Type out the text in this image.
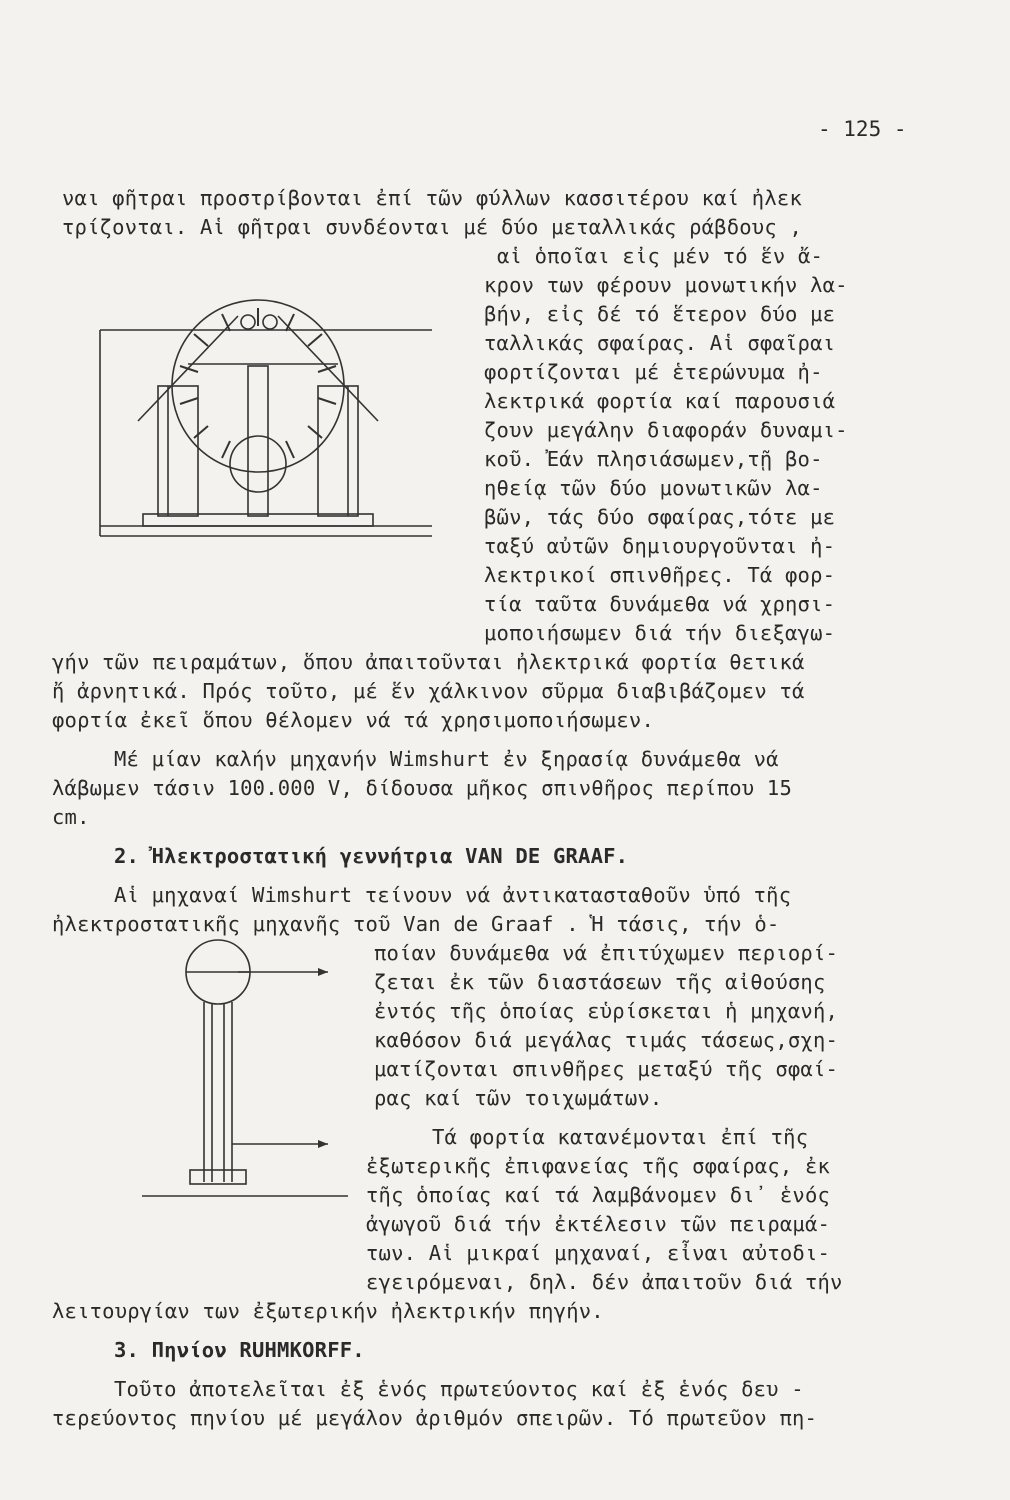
- 125 -
ναι φῆτραι προστρίβονται ἐπί τῶν φύλλων κασσιτέρου καί ἠλεκ
τρίζονται. Αἱ φῆτραι συνδέονται μέ δύο μεταλλικάς ράβδους ,
αἱ ὁποῖαι εἰς μέν τό ἕν ἄ-
κρον των φέρουν μονωτικήν λα-
βήν, εἰς δέ τό ἕτερον δύο με
ταλλικάς σφαίρας. Αἱ σφαῖραι
φορτίζονται μέ ἑτερώνυμα ἠ-
λεκτρικά φορτία καί παρουσιά
ζουν μεγάλην διαφοράν δυναμι-
κοῦ. Ἐάν πλησιάσωμεν,τῇ βο-
ηθείᾳ τῶν δύο μονωτικῶν λα-
βῶν, τάς δύο σφαίρας,τότε με
ταξύ αὐτῶν δημιουργοῦνται ἠ-
λεκτρικοί σπινθῆρες. Τά φορ-
τία ταῦτα δυνάμεθα νά χρησι-
μοποιήσωμεν διά τήν διεξαγω-
γήν τῶν πειραμάτων, ὅπου ἀπαιτοῦνται ἠλεκτρικά φορτία θετικά
ἤ ἀρνητικά. Πρός τοῦτο, μέ ἕν χάλκινον σῦρμα διαβιβάζομεν τά
φορτία ἐκεῖ ὅπου θέλομεν νά τά χρησιμοποιήσωμεν.
Μέ μίαν καλήν μηχανήν Wimshurt ἐν ξηρασίᾳ δυνάμεθα νά
λάβωμεν τάσιν 100.000 V, δίδουσα μῆκος σπινθῆρος περίπου 15
cm.
2. Ἠλεκτροστατική γεννήτρια VAN DE GRAAF.
Αἱ μηχαναί Wimshurt τείνουν νά ἀντικατασταθοῦν ὑπό τῆς
ἠλεκτροστατικῆς μηχανῆς τοῦ Van de Graaf . Ἡ τάσις, τήν ὁ-
ποίαν δυνάμεθα νά ἐπιτύχωμεν περιορί-
ζεται ἐκ τῶν διαστάσεων τῆς αἰθούσης
ἐντός τῆς ὁποίας εὑρίσκεται ἡ μηχανή,
καθόσον διά μεγάλας τιμάς τάσεως,σχη-
ματίζονται σπινθῆρες μεταξύ τῆς σφαί-
ρας καί τῶν τοιχωμάτων.
Τά φορτία κατανέμονται ἐπί τῆς
ἐξωτερικῆς ἐπιφανείας τῆς σφαίρας, ἐκ
τῆς ὁποίας καί τά λαμβάνομεν δι᾽ ἑνός
ἀγωγοῦ διά τήν ἐκτέλεσιν τῶν πειραμά-
των. Αἱ μικραί μηχαναί, εἶναι αὐτοδι-
εγειρόμεναι, δηλ. δέν ἀπαιτοῦν διά τήν
λειτουργίαν των ἐξωτερικήν ἠλεκτρικήν πηγήν.
3. Πηνίον RUHMKORFF.
Τοῦτο ἀποτελεῖται ἐξ ἑνός πρωτεύοντος καί ἐξ ἑνός δευ -
τερεύοντος πηνίου μέ μεγάλον ἀριθμόν σπειρῶν. Τό πρωτεῦον πη-
